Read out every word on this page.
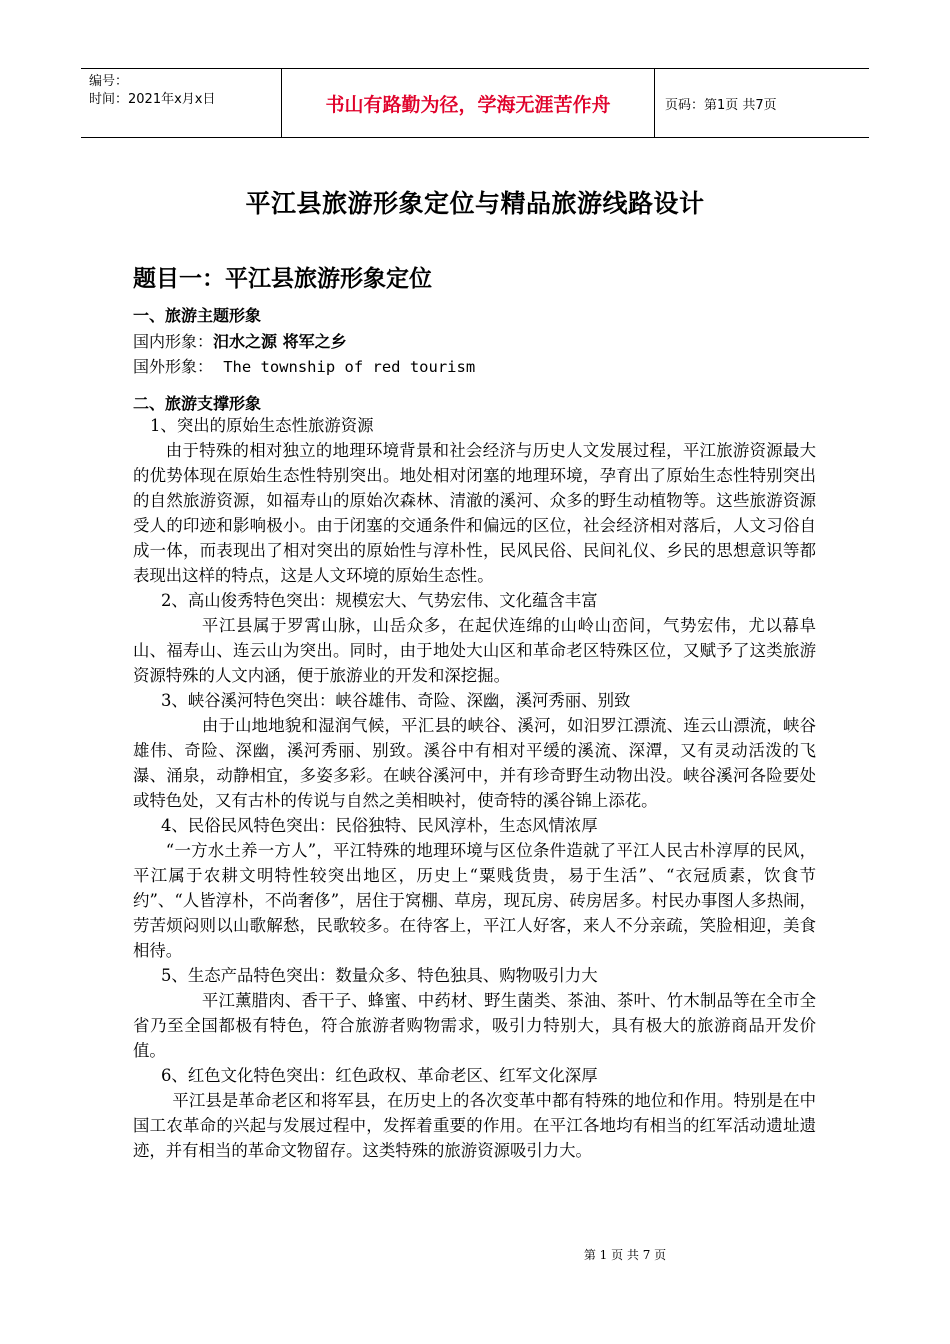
编号：
时间：2021年x月x日	书山有路勤为径，学海无涯苦作舟	页码：第1页 共7页
平江县旅游形象定位与精品旅游线路设计
题目一：平江县旅游形象定位
一、旅游主题形象
国内形象：汨水之源 将军之乡
国外形象： The township of red tourism
二、旅游支撑形象

1、突出的原始生态性旅游资源

由于特殊的相对独立的地理环境背景和社会经济与历史人文发展过程，平江旅游资源最大的优势体现在原始生态性特别突出。地处相对闭塞的地理环境，孕育出了原始生态性特别突出的自然旅游资源，如福寿山的原始次森林、清澈的溪河、众多的野生动植物等。这些旅游资源受人的印迹和影响极小。由于闭塞的交通条件和偏远的区位，社会经济相对落后，人文习俗自成一体，而表现出了相对突出的原始性与淳朴性，民风民俗、民间礼仪、乡民的思想意识等都表现出这样的特点，这是人文环境的原始生态性。

2、高山俊秀特色突出：规模宏大、气势宏伟、文化蕴含丰富

平江县属于罗霄山脉，山岳众多，在起伏连绵的山岭山峦间，气势宏伟，尤以幕阜山、福寿山、连云山为突出。同时，由于地处大山区和革命老区特殊区位，又赋予了这类旅游资源特殊的人文内涵，便于旅游业的开发和深挖掘。

3、峡谷溪河特色突出：峡谷雄伟、奇险、深幽，溪河秀丽、别致

由于山地地貌和湿润气候，平汇县的峡谷、溪河，如汨罗江漂流、连云山漂流，峡谷雄伟、奇险、深幽，溪河秀丽、别致。溪谷中有相对平缓的溪流、深潭，又有灵动活泼的飞瀑、涌泉，动静相宜，多姿多彩。在峡谷溪河中，并有珍奇野生动物出没。峡谷溪河各险要处或特色处，又有古朴的传说与自然之美相映衬，使奇特的溪谷锦上添花。

4、民俗民风特色突出：民俗独特、民风淳朴，生态风情浓厚

“一方水土养一方人”，平江特殊的地理环境与区位条件造就了平江人民古朴淳厚的民风，平江属于农耕文明特性较突出地区，历史上“粟贱货贵，易于生活”、“衣冠质素，饮食节约”、“人皆淳朴，不尚奢侈”，居住于窝棚、草房，现瓦房、砖房居多。村民办事图人多热闹，劳苦烦闷则以山歌解愁，民歌较多。在待客上，平江人好客，来人不分亲疏，笑脸相迎，美食相待。

5、生态产品特色突出：数量众多、特色独具、购物吸引力大

平江薰腊肉、香干子、蜂蜜、中药材、野生菌类、茶油、茶叶、竹木制品等在全市全省乃至全国都极有特色，符合旅游者购物需求，吸引力特别大，具有极大的旅游商品开发价值。

6、红色文化特色突出：红色政权、革命老区、红军文化深厚

平江县是革命老区和将军县，在历史上的各次变革中都有特殊的地位和作用。特别是在中国工农革命的兴起与发展过程中，发挥着重要的作用。在平江各地均有相当的红军活动遗址遗迹，并有相当的革命文物留存。这类特殊的旅游资源吸引力大。

第 1 页 共 7 页
